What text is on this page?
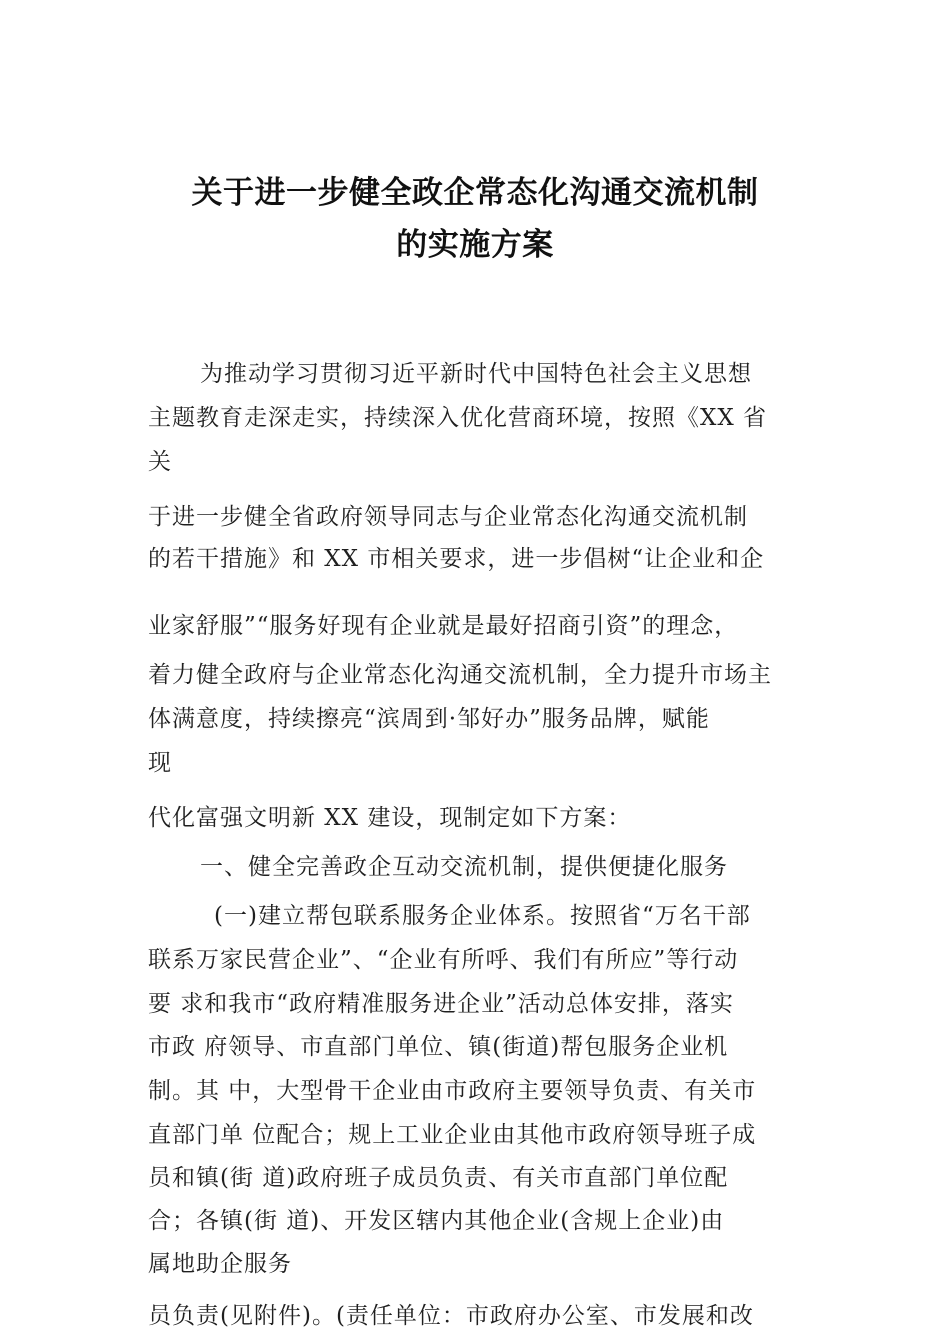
关于进一步健全政企常态化沟通交流机制
的实施方案
为推动学习贯彻习近平新时代中国特色社会主义思想
主题教育走深走实，持续深入优化营商环境，按照《XX 省
关
于进一步健全省政府领导同志与企业常态化沟通交流机制
的若干措施》和 XX 市相关要求，进一步倡树“让企业和企
业家舒服”“服务好现有企业就是最好招商引资”的理念，
着力健全政府与企业常态化沟通交流机制，全力提升市场主
体满意度，持续擦亮“滨周到·邹好办”服务品牌，赋能
现
代化富强文明新 XX 建设，现制定如下方案：
一、健全完善政企互动交流机制，提供便捷化服务
(一)建立帮包联系服务企业体系。按照省“万名干部
联系万家民营企业”、“企业有所呼、我们有所应”等行动
要 求和我市“政府精准服务进企业”活动总体安排，落实
市政 府领导、市直部门单位、镇(街道)帮包服务企业机
制。其 中，大型骨干企业由市政府主要领导负责、有关市
直部门单 位配合；规上工业企业由其他市政府领导班子成
员和镇(街 道)政府班子成员负责、有关市直部门单位配
合；各镇(街 道)、开发区辖内其他企业(含规上企业)由
属地助企服务
员负责(见附件)。(责任单位：市政府办公室、市发展和改
